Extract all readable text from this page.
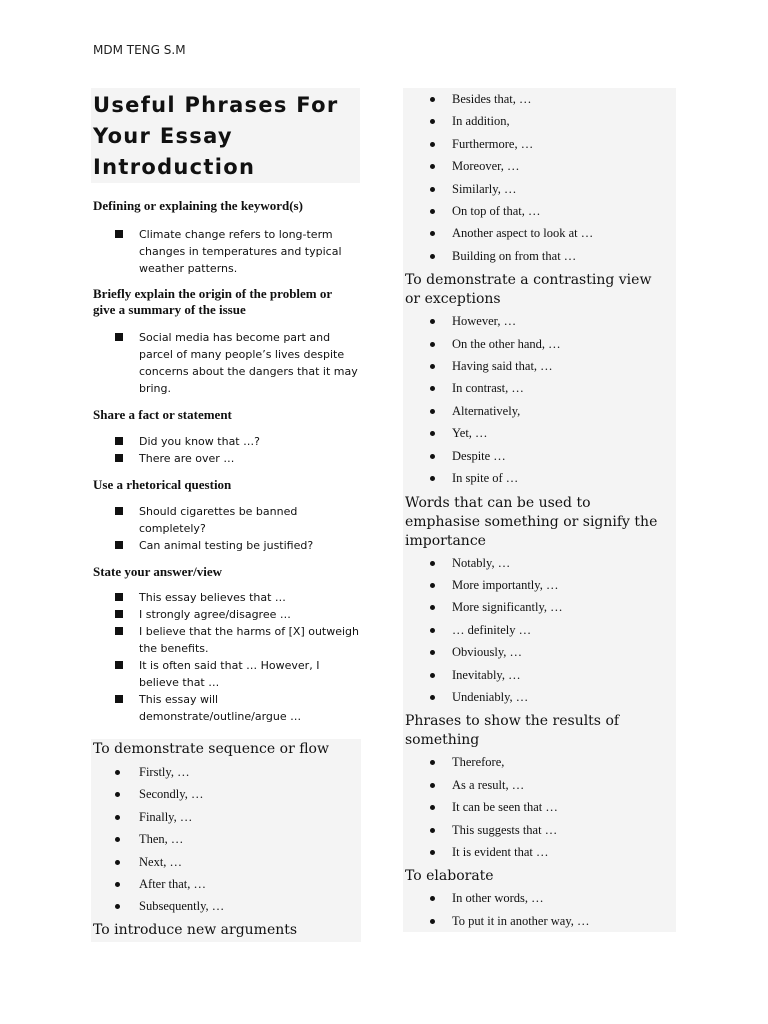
MDM TENG S.M
Useful Phrases For
Your Essay
Introduction
Defining or explaining the keyword(s)
Climate change refers to long-term changes in temperatures and typical weather patterns.
Briefly explain the origin of the problem or
give a summary of the issue
Social media has become part and parcel of many people’s lives despite concerns about the dangers that it may bring.
Share a fact or statement
Did you know that …?
There are over …
Use a rhetorical question
Should cigarettes be banned completely?
Can animal testing be justified?
State your answer/view
This essay believes that …
I strongly agree/disagree …
I believe that the harms of [X] outweigh the benefits.
It is often said that … However, I believe that …
This essay will demonstrate/outline/argue …
To demonstrate sequence or flow
Firstly, …
Secondly, …
Finally, …
Then, …
Next, …
After that, …
Subsequently, …
To introduce new arguments
Besides that, …
In addition,
Furthermore, …
Moreover, …
Similarly, …
On top of that, …
Another aspect to look at …
Building on from that …
To demonstrate a contrasting view
or exceptions
However, …
On the other hand, …
Having said that, …
In contrast, …
Alternatively,
Yet, …
Despite …
In spite of …
Words that can be used to
emphasise something or signify the
importance
Notably, …
More importantly, …
More significantly, …
… definitely …
Obviously, …
Inevitably, …
Undeniably, …
Phrases to show the results of
something
Therefore,
As a result, …
It can be seen that …
This suggests that …
It is evident that …
To elaborate
In other words, …
To put it in another way, …
